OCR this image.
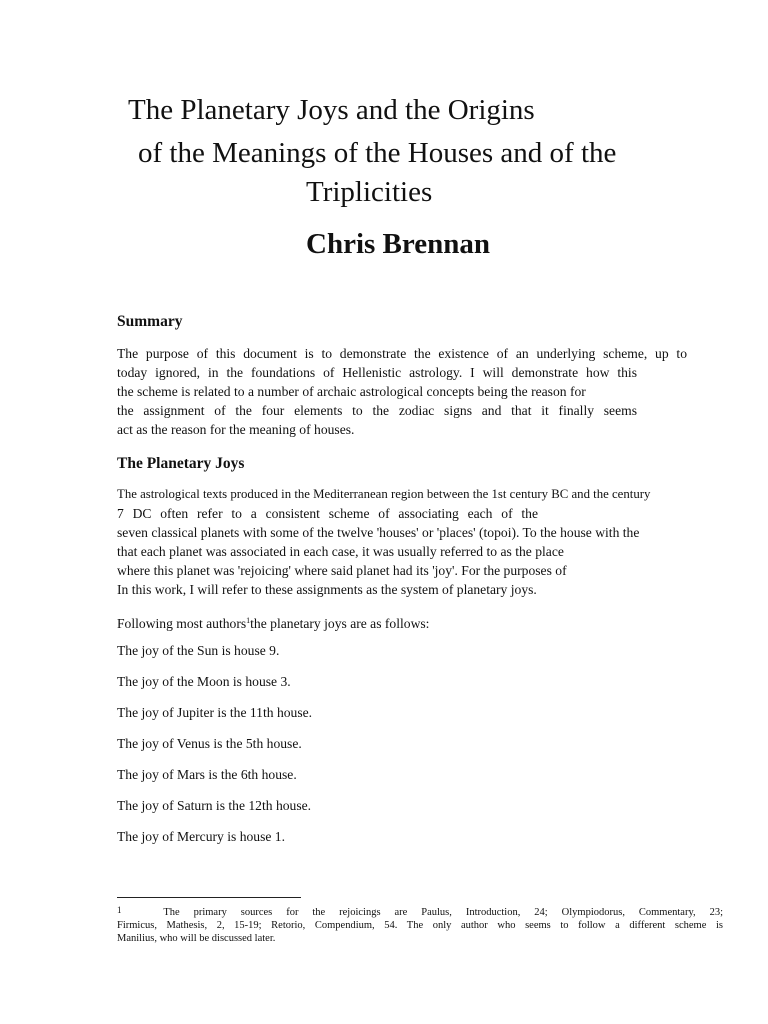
The Planetary Joys and the Origins
of the Meanings of the Houses and of the
Triplicities
Chris Brennan
Summary
The purpose of this document is to demonstrate the existence of an underlying scheme, up to
today ignored, in the foundations of Hellenistic astrology. I will demonstrate how this
the scheme is related to a number of archaic astrological concepts being the reason for
the assignment of the four elements to the zodiac signs and that it finally seems
act as the reason for the meaning of houses.
The Planetary Joys
The astrological texts produced in the Mediterranean region between the 1st century BC and the century
7 DC often refer to a consistent scheme of associating each of the
seven classical planets with some of the twelve 'houses' or 'places' (topoi). To the house with the
that each planet was associated in each case, it was usually referred to as the place
where this planet was 'rejoicing' where said planet had its 'joy'. For the purposes of
In this work, I will refer to these assignments as the system of planetary joys.
Following most authors$^1$the planetary joys are as follows:
The joy of the Sun is house 9.
The joy of the Moon is house 3.
The joy of Jupiter is the 11th house.
The joy of Venus is the 5th house.
The joy of Mars is the 6th house.
The joy of Saturn is the 12th house.
The joy of Mercury is house 1.
1	The primary sources for the rejoicings are Paulus, Introduction, 24; Olympiodorus, Commentary, 23;
Firmicus, Mathesis, 2, 15-19; Retorio, Compendium, 54. The only author who seems to follow a different scheme is
Manilius, who will be discussed later.
